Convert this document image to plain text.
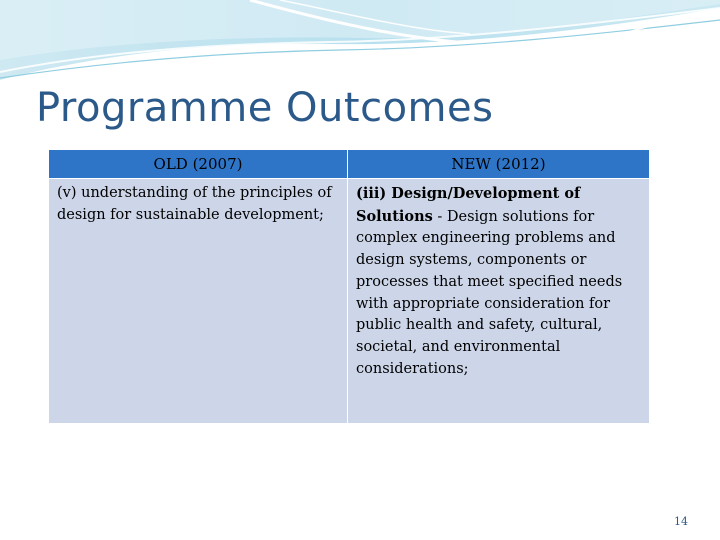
Programme Outcomes
OLD (2007)	NEW (2012)
(v) understanding of the principles of design for sustainable development;	(iii) Design/Development of Solutions - Design solutions for complex engineering problems and design systems, components or processes that meet specified needs with appropriate consideration for public health and safety, cultural, societal, and environmental considerations;
14
